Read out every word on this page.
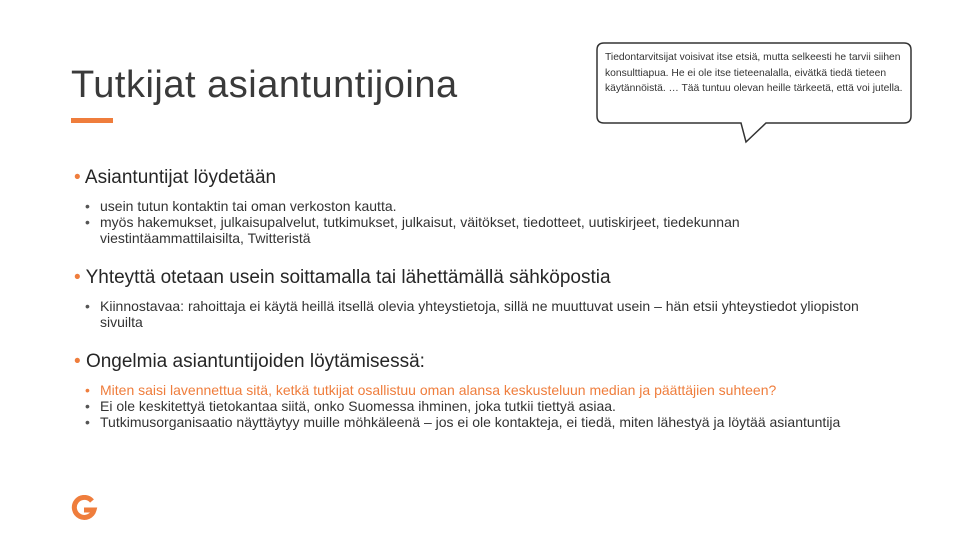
Tutkijat asiantuntijoina
Tiedontarvitsijat voisivat itse etsiä, mutta selkeesti he tarvii siihen konsulttiapua. He ei ole itse tieteenalalla, eivätkä tiedä tieteen käytännöistä. … Tää tuntuu olevan heille tärkeetä, että voi jutella.

• Asiantuntijat löydetään

• usein tutun kontaktin tai oman verkoston kautta.
• myös hakemukset, julkaisupalvelut, tutkimukset, julkaisut, väitökset, tiedotteet, uutiskirjeet, tiedekunnan viestintäammattilaisilta, Twitteristä

• Yhteyttä otetaan usein soittamalla tai lähettämällä sähköpostia

• Kiinnostavaa: rahoittaja ei käytä heillä itsellä olevia yhteystietoja, sillä ne muuttuvat usein – hän etsii yhteystiedot yliopiston sivuilta

• Ongelmia asiantuntijoiden löytämisessä:

• Miten saisi lavennettua sitä, ketkä tutkijat osallistuu oman alansa keskusteluun median ja päättäjien suhteen?
• Ei ole keskitettyä tietokantaa siitä, onko Suomessa ihminen, joka tutkii tiettyä asiaa.
• Tutkimusorganisaatio näyttäytyy muille möhkäleenä – jos ei ole kontakteja, ei tiedä, miten lähestyä ja löytää asiantuntija
